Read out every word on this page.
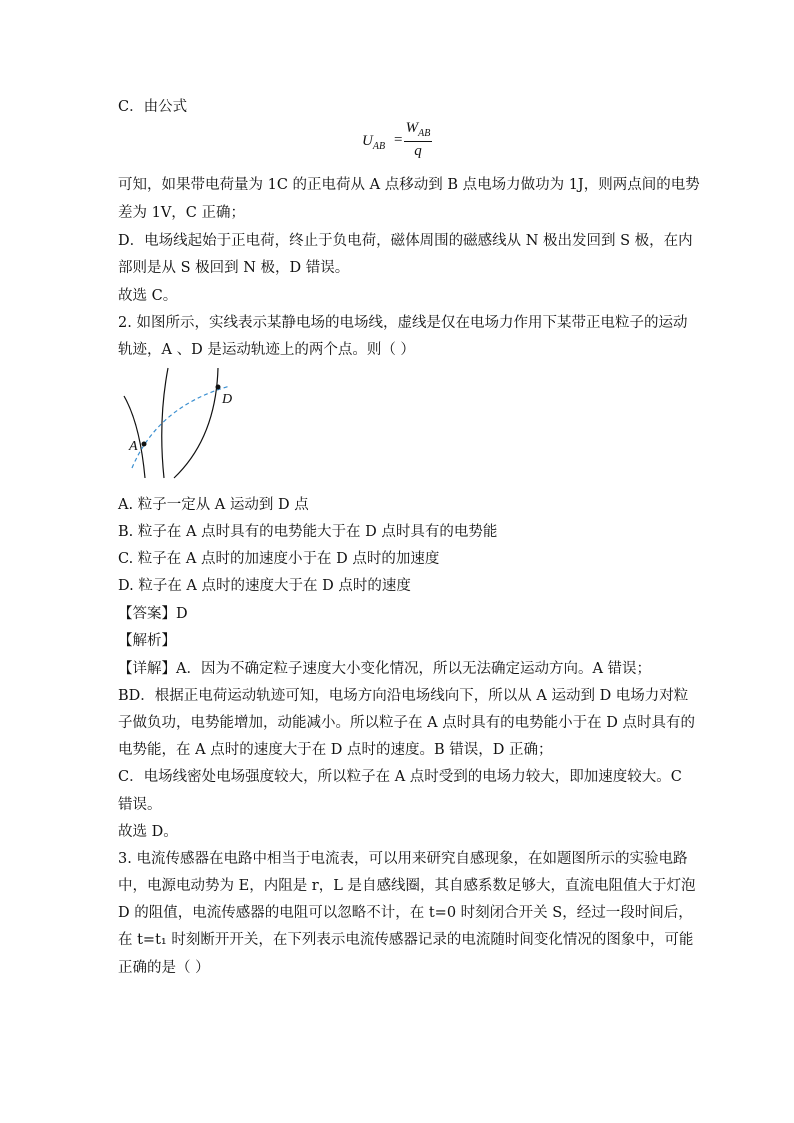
C．由公式
$U_{AB}$ =
$W_{AB}$
q
可知，如果带电荷量为 1C 的正电荷从 A 点移动到 B 点电场力做功为 1J，则两点间的电势
差为 1V，C 正确；
D．电场线起始于正电荷，终止于负电荷，磁体周围的磁感线从 N 极出发回到 S 极，在内
部则是从 S 极回到 N 极，D 错误。
故选 C。
2. 如图所示，实线表示某静电场的电场线，虚线是仅在电场力作用下某带正电粒子的运动
轨迹，A 、D 是运动轨迹上的两个点。则（ ）
A
D
A. 粒子一定从 A 运动到 D 点
B. 粒子在 A 点时具有的电势能大于在 D 点时具有的电势能
C. 粒子在 A 点时的加速度小于在 D 点时的加速度
D. 粒子在 A 点时的速度大于在 D 点时的速度
【答案】D
【解析】
【详解】A．因为不确定粒子速度大小变化情况，所以无法确定运动方向。A 错误；
BD．根据正电荷运动轨迹可知，电场方向沿电场线向下，所以从 A 运动到 D 电场力对粒
子做负功，电势能增加，动能减小。所以粒子在 A 点时具有的电势能小于在 D 点时具有的
电势能，在 A 点时的速度大于在 D 点时的速度。B 错误，D 正确；
C．电场线密处电场强度较大，所以粒子在 A 点时受到的电场力较大，即加速度较大。C
错误。
故选 D。
3. 电流传感器在电路中相当于电流表，可以用来研究自感现象，在如题图所示的实验电路
中，电源电动势为 E，内阻是 r，L 是自感线圈，其自感系数足够大，直流电阻值大于灯泡
D 的阻值，电流传感器的电阻可以忽略不计，在 t=0 时刻闭合开关 S，经过一段时间后，
在 t=t₁ 时刻断开开关，在下列表示电流传感器记录的电流随时间变化情况的图象中，可能
正确的是（ ）
